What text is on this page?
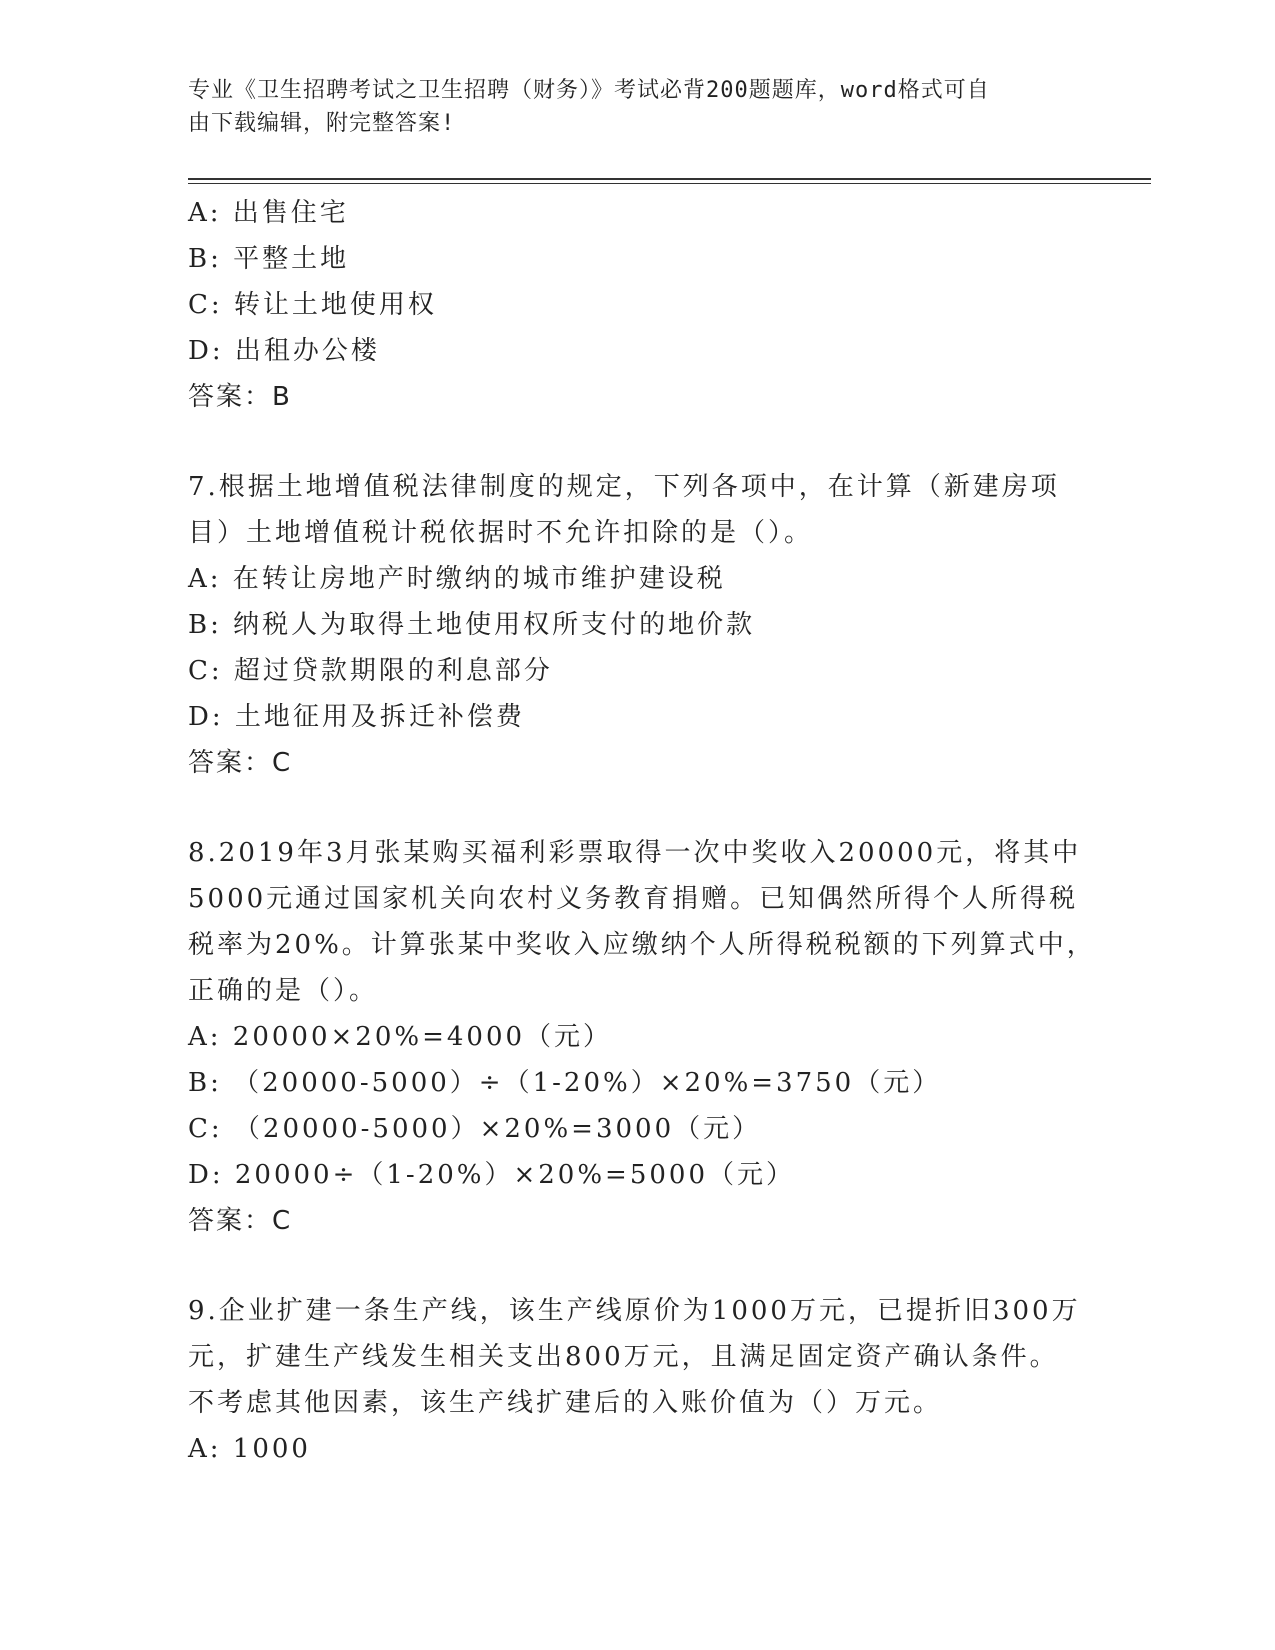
专业《卫生招聘考试之卫生招聘（财务）》考试必背200题题库，word格式可自
由下载编辑，附完整答案!
A: 出售住宅
B: 平整土地
C: 转让土地使用权
D: 出租办公楼
答案：B
7.根据土地增值税法律制度的规定，下列各项中，在计算（新建房项
目）土地增值税计税依据时不允许扣除的是（）。
A: 在转让房地产时缴纳的城市维护建设税
B: 纳税人为取得土地使用权所支付的地价款
C: 超过贷款期限的利息部分
D: 土地征用及拆迁补偿费
答案：C
8.2019年3月张某购买福利彩票取得一次中奖收入20000元，将其中
5000元通过国家机关向农村义务教育捐赠。已知偶然所得个人所得税
税率为20%。计算张某中奖收入应缴纳个人所得税税额的下列算式中，
正确的是（）。
A: 20000×20%=4000（元）
B: （20000-5000）÷（1-20%）×20%=3750（元）
C: （20000-5000）×20%=3000（元）
D: 20000÷（1-20%）×20%=5000（元）
答案：C
9.企业扩建一条生产线，该生产线原价为1000万元，已提折旧300万
元，扩建生产线发生相关支出800万元，且满足固定资产确认条件。
不考虑其他因素，该生产线扩建后的入账价值为（）万元。
A: 1000
